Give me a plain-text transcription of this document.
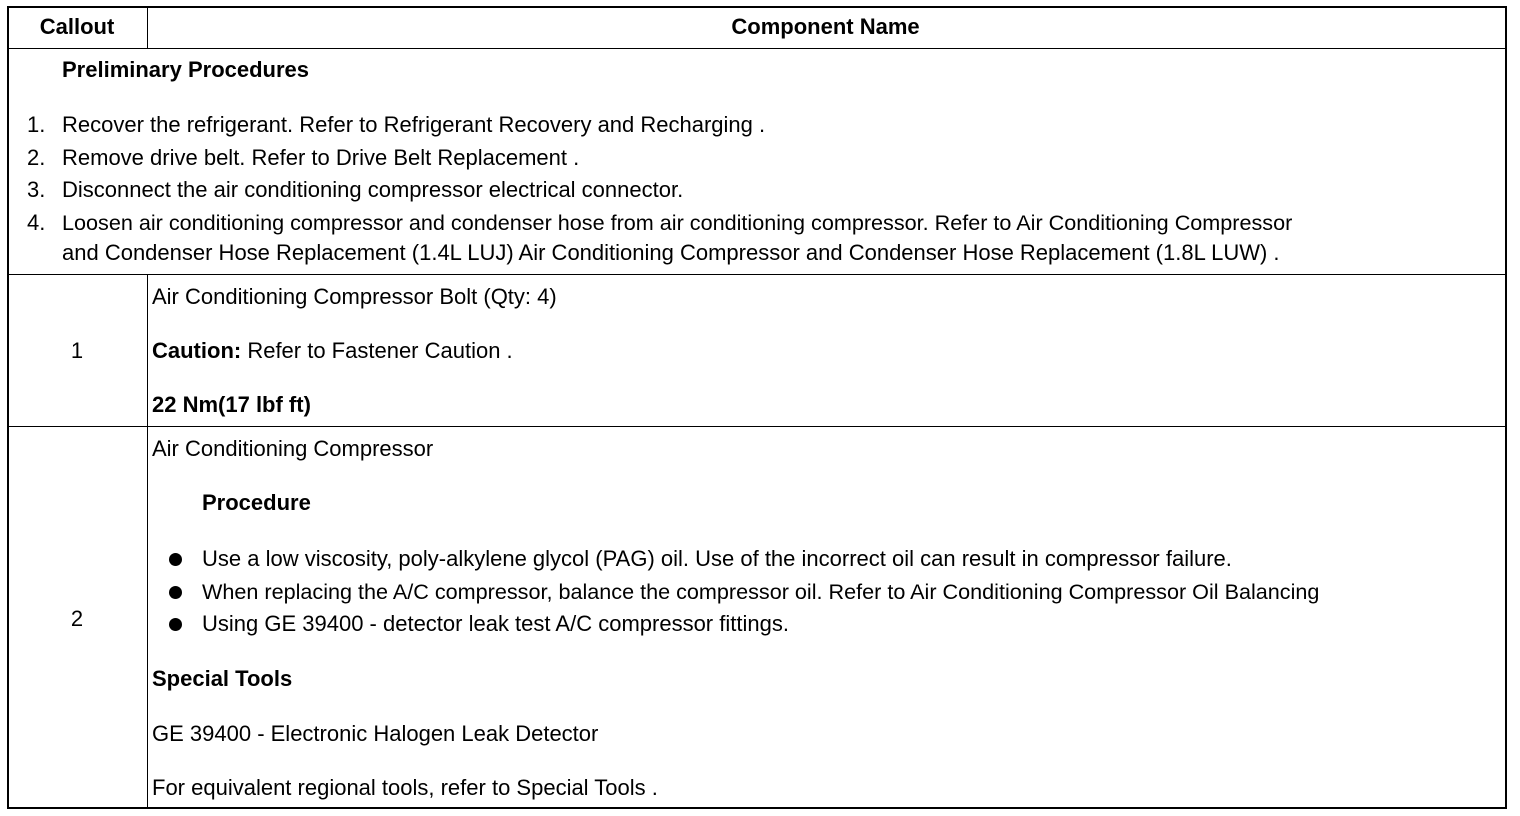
Callout	Component Name
Preliminary Procedures
1. Recover the refrigerant. Refer to Refrigerant Recovery and Recharging .
2. Remove drive belt. Refer to Drive Belt Replacement .
3. Disconnect the air conditioning compressor electrical connector.
4. Loosen air conditioning compressor and condenser hose from air conditioning compressor. Refer to Air Conditioning Compressor
and Condenser Hose Replacement (1.4L LUJ) Air Conditioning Compressor and Condenser Hose Replacement (1.8L LUW) .
1
Air Conditioning Compressor Bolt (Qty: 4)
Caution: Refer to Fastener Caution .
22 Nm(17 lbf ft)
2
Air Conditioning Compressor
Procedure
Use a low viscosity, poly-alkylene glycol (PAG) oil. Use of the incorrect oil can result in compressor failure.
When replacing the A/C compressor, balance the compressor oil. Refer to Air Conditioning Compressor Oil Balancing
Using GE 39400 - detector leak test A/C compressor fittings.
Special Tools
GE 39400 - Electronic Halogen Leak Detector
For equivalent regional tools, refer to Special Tools .
